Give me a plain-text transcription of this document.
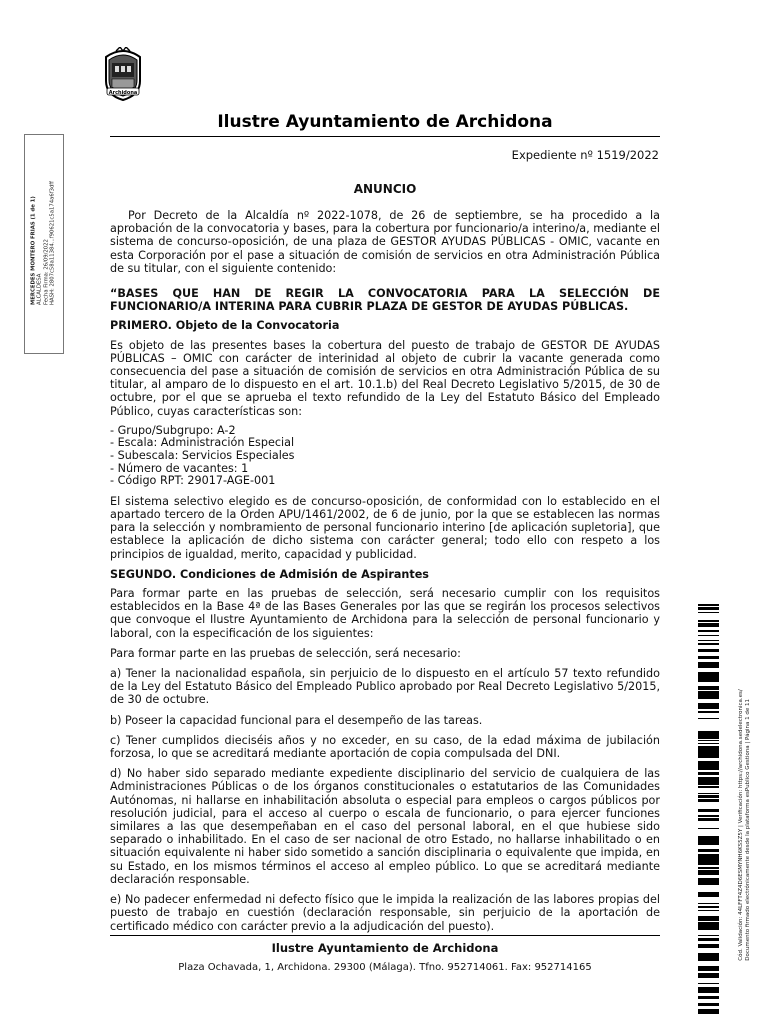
Archidona
Ilustre Ayuntamiento de Archidona
Expediente nº 1519/2022
ANUNCIO

Por Decreto de la Alcaldía nº 2022-1078, de 26 de septiembre, se ha procedido a la aprobación de la convocatoria y bases, para la cobertura por funcionario/a interino/a, mediante el sistema de concurso-oposición, de una plaza de GESTOR AYUDAS PÚBLICAS - OMIC, vacante en esta Corporación por el pase a situación de comisión de servicios en otra Administración Pública de su titular, con el siguiente contenido:

“BASES QUE HAN DE REGIR LA CONVOCATORIA PARA LA SELECCIÓN DE FUNCIONARIO/A INTERINA PARA CUBRIR PLAZA DE GESTOR DE AYUDAS PÚBLICAS.

PRIMERO. Objeto de la Convocatoria

Es objeto de las presentes bases la cobertura del puesto de trabajo de GESTOR DE AYUDAS PÚBLICAS – OMIC con carácter de interinidad al objeto de cubrir la vacante generada como consecuencia del pase a situación de comisión de servicios en otra Administración Pública de su titular, al amparo de lo dispuesto en el art. 10.1.b) del Real Decreto Legislativo 5/2015, de 30 de octubre, por el que se aprueba el texto refundido de la Ley del Estatuto Básico del Empleado Público, cuyas características son:

- Grupo/Subgrupo: A-2
- Escala: Administración Especial
- Subescala: Servicios Especiales
- Número de vacantes: 1
- Código RPT: 29017-AGE-001

El sistema selectivo elegido es de concurso-oposición, de conformidad con lo establecido en el apartado tercero de la Orden APU/1461/2002, de 6 de junio, por la que se establecen las normas para la selección y nombramiento de personal funcionario interino [de aplicación supletoria], que establece la aplicación de dicho sistema con carácter general; todo ello con respeto a los principios de igualdad, merito, capacidad y publicidad.

SEGUNDO. Condiciones de Admisión de Aspirantes

Para formar parte en las pruebas de selección, será necesario cumplir con los requisitos establecidos en la Base 4ª de las Bases Generales por las que se regirán los procesos selectivos que convoque el Ilustre Ayuntamiento de Archidona para la selección de personal funcionario y laboral, con la especificación de los siguientes:

Para formar parte en las pruebas de selección, será necesario:

a) Tener la nacionalidad española, sin perjuicio de lo dispuesto en el artículo 57 texto refundido de la Ley del Estatuto Básico del Empleado Publico aprobado por Real Decreto Legislativo 5/2015, de 30 de octubre.

b) Poseer la capacidad funcional para el desempeño de las tareas.

c) Tener cumplidos dieciséis años y no exceder, en su caso, de la edad máxima de jubilación forzosa, lo que se acreditará mediante aportación de copia compulsada del DNI.

d) No haber sido separado mediante expediente disciplinario del servicio de cualquiera de las Administraciones Públicas o de los órganos constitucionales o estatutarios de las Comunidades Autónomas, ni hallarse en inhabilitación absoluta o especial para empleos o cargos públicos por resolución judicial, para el acceso al cuerpo o escala de funcionario, o para ejercer funciones similares a las que desempeñaban en el caso del personal laboral, en el que hubiese sido separado o inhabilitado. En el caso de ser nacional de otro Estado, no hallarse inhabilitado o en situación equivalente ni haber sido sometido a sanción disciplinaria o equivalente que impida, en su Estado, en los mismos términos el acceso al empleo público. Lo que se acreditará mediante declaración responsable.

e) No padecer enfermedad ni defecto físico que le impida la realización de las labores propias del puesto de trabajo en cuestión (declaración responsable, sin perjuicio de la aportación de certificado médico con carácter previo a la adjudicación del puesto).

Ilustre Ayuntamiento de Archidona
Plaza Ochavada, 1, Archidona. 29300 (Málaga). Tfno. 952714061. Fax: 952714165
MERCEDES MONTERO FRIAS (1 de 1) ALCALDESA Fecha Firma: 26/09/2022 HASH: 2807c58a11384...f90621c5a174a6f3dff
Cód. Validación: 44LFFT4Z4D6ESMYNH6KS5Z5Y | Verificación: https://archidona.sedelectronica.es/ Documento firmado electrónicamente desde la plataforma esPublico Gestiona | Página 1 de 11
